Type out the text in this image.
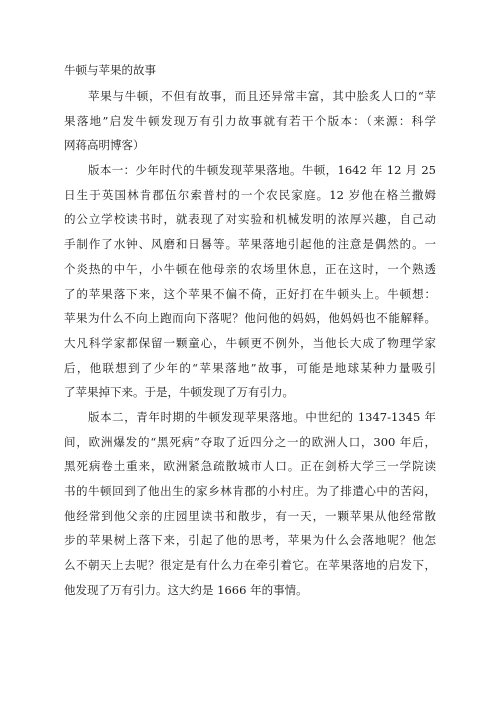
牛顿与苹果的故事
苹果与牛顿，不但有故事，而且还异常丰富，其中脍炙人口的“苹
果落地”启发牛顿发现万有引力故事就有若干个版本：（来源：科学
网蒋高明博客）
版本一：少年时代的牛顿发现苹果落地。牛顿，1642 年 12 月 25
日生于英国林肯郡伍尔索普村的一个农民家庭。12 岁他在格兰撒姆
的公立学校读书时，就表现了对实验和机械发明的浓厚兴趣，自己动
手制作了水钟、风磨和日晷等。苹果落地引起他的注意是偶然的。一
个炎热的中午，小牛顿在他母亲的农场里休息，正在这时，一个熟透
了的苹果落下来，这个苹果不偏不倚，正好打在牛顿头上。牛顿想：
苹果为什么不向上跑而向下落呢？他问他的妈妈，他妈妈也不能解释。
大凡科学家都保留一颗童心，牛顿更不例外，当他长大成了物理学家
后，他联想到了少年的“苹果落地”故事，可能是地球某种力量吸引
了苹果掉下来。于是，牛顿发现了万有引力。
版本二，青年时期的牛顿发现苹果落地。中世纪的 1347-1345 年
间，欧洲爆发的“黑死病”夺取了近四分之一的欧洲人口，300 年后，
黑死病卷土重来，欧洲紧急疏散城市人口。正在剑桥大学三一学院读
书的牛顿回到了他出生的家乡林肯郡的小村庄。为了排遣心中的苦闷，
他经常到他父亲的庄园里读书和散步，有一天，一颗苹果从他经常散
步的苹果树上落下来，引起了他的思考，苹果为什么会落地呢？他怎
么不朝天上去呢？很定是有什么力在牵引着它。在苹果落地的启发下，
他发现了万有引力。这大约是 1666 年的事情。
